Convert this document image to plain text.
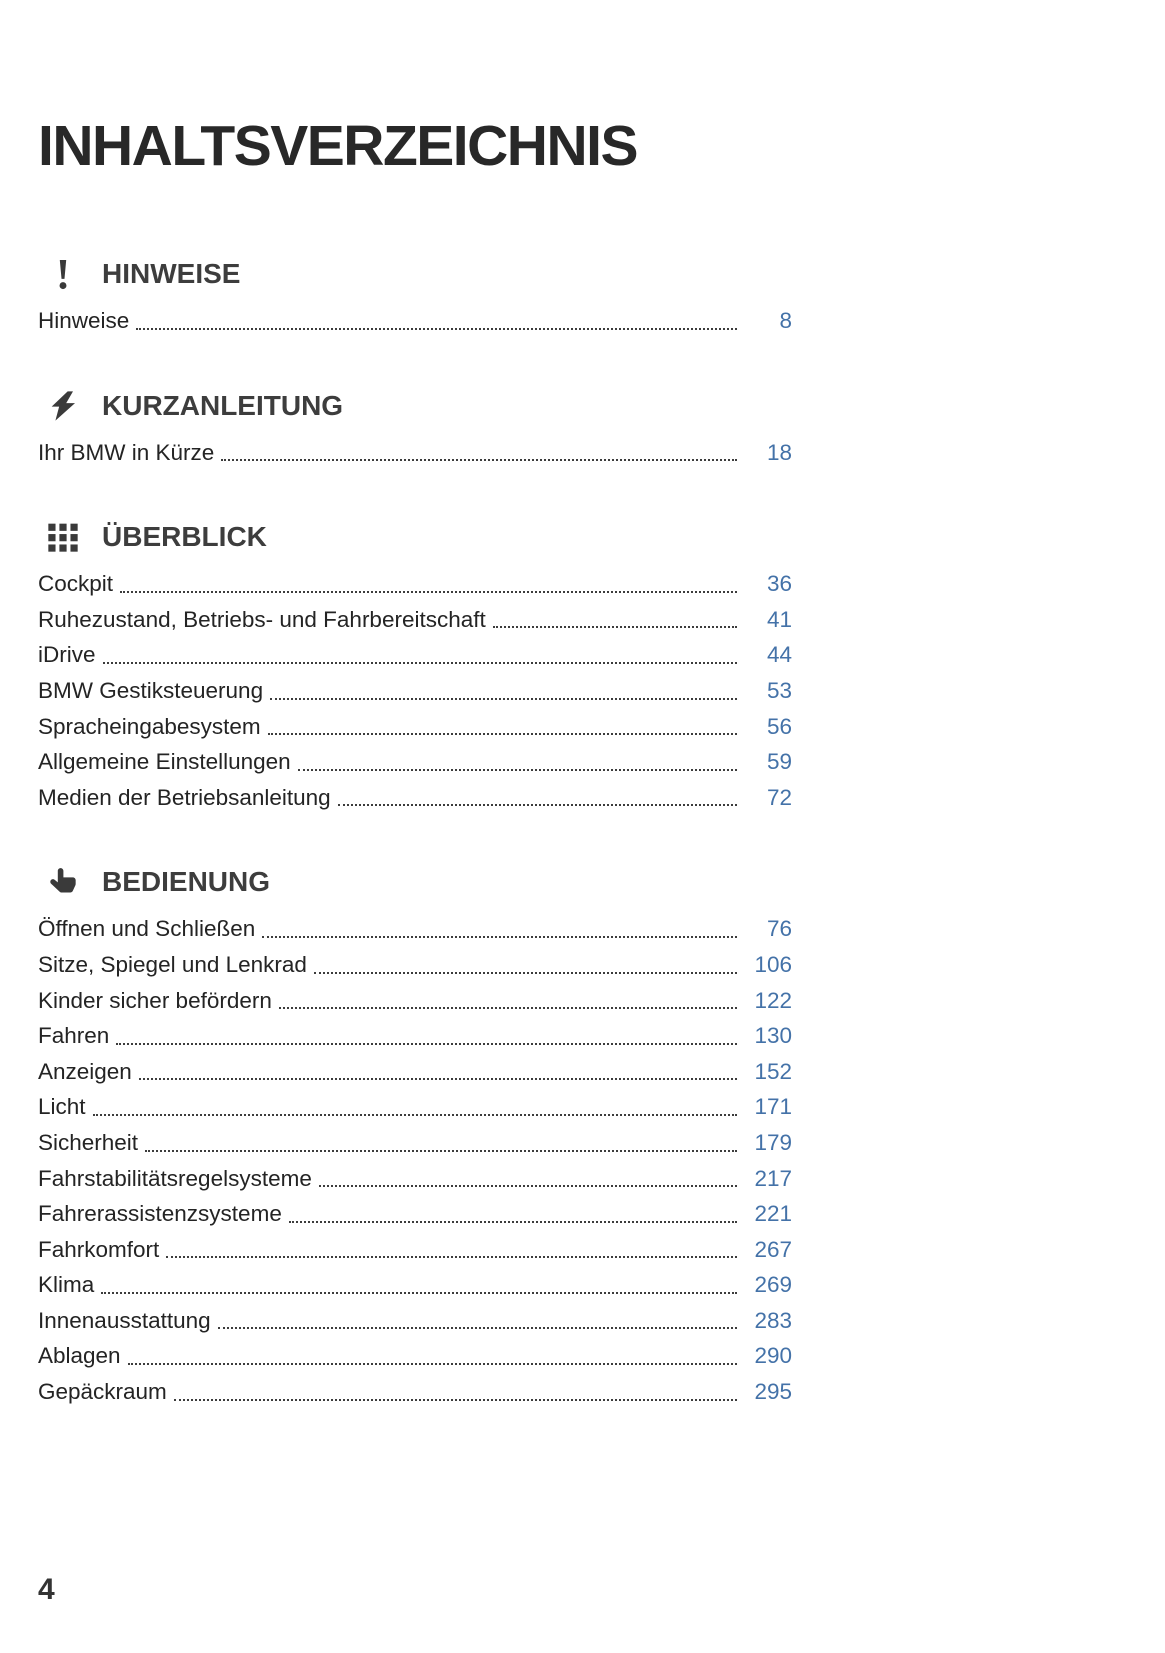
INHALTSVERZEICHNIS
HINWEISE
Hinweise	8
KURZANLEITUNG
Ihr BMW in Kürze	18
ÜBERBLICK
Cockpit	36
Ruhezustand, Betriebs- und Fahrbereitschaft	41
iDrive	44
BMW Gestiksteuerung	53
Spracheingabesystem	56
Allgemeine Einstellungen	59
Medien der Betriebsanleitung	72
BEDIENUNG
Öffnen und Schließen	76
Sitze, Spiegel und Lenkrad	106
Kinder sicher befördern	122
Fahren	130
Anzeigen	152
Licht	171
Sicherheit	179
Fahrstabilitätsregelsysteme	217
Fahrerassistenzsysteme	221
Fahrkomfort	267
Klima	269
Innenausstattung	283
Ablagen	290
Gepäckraum	295
4
